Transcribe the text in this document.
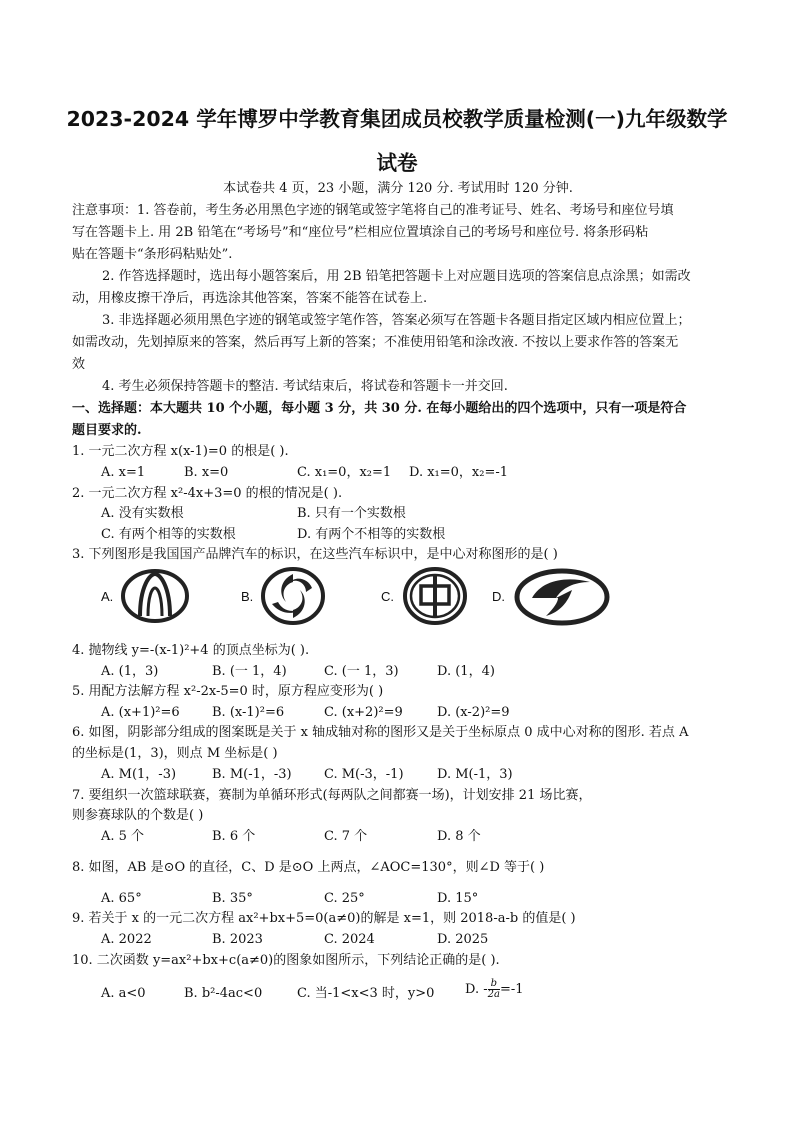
2023-2024 学年博罗中学教育集团成员校教学质量检测(一)九年级数学
试卷
本试卷共 4 页，23 小题，满分 120 分. 考试用时 120 分钟.
注意事项：1. 答卷前，考生务必用黑色字迹的钢笔或签字笔将自己的准考证号、姓名、考场号和座位号填
写在答题卡上. 用 2B 铅笔在“考场号”和“座位号”栏相应位置填涂自己的考场号和座位号. 将条形码粘
贴在答题卡“条形码粘贴处”.
2. 作答选择题时，选出每小题答案后，用 2B 铅笔把答题卡上对应题目选项的答案信息点涂黑；如需改
动，用橡皮擦干净后，再选涂其他答案，答案不能答在试卷上.
3. 非选择题必须用黑色字迹的钢笔或签字笔作答，答案必须写在答题卡各题目指定区域内相应位置上；
如需改动，先划掉原来的答案，然后再写上新的答案；不准使用铅笔和涂改液. 不按以上要求作答的答案无
效
4. 考生必须保持答题卡的整洁. 考试结束后，将试卷和答题卡一并交回.
一、选择题：本大题共 10 个小题，每小题 3 分，共 30 分. 在每小题给出的四个选项中，只有一项是符合
题目要求的.
1. 一元二次方程 x(x-1)=0 的根是( ).
A. x=1	B. x=0	C. x₁=0，x₂=1 D. x₁=0，x₂=-1
2. 一元二次方程 x²-4x+3=0 的根的情况是( ).
A. 没有实数根	B. 只有一个实数根
C. 有两个相等的实数根	D. 有两个不相等的实数根
3. 下列图形是我国国产品牌汽车的标识，在这些汽车标识中，是中心对称图形的是( )
A.	B.	C.	D.
4. 抛物线 y=-(x-1)²+4 的顶点坐标为( ).
A. (1，3)	B. (一 1，4)	C. (一 1，3)	D. (1，4)
5. 用配方法解方程 x²-2x-5=0 时，原方程应变形为( )
A. (x+1)²=6 B. (x-1)²=6	C. (x+2)²=9	D. (x-2)²=9
6. 如图，阴影部分组成的图案既是关于 x 轴成轴对称的图形又是关于坐标原点 0 成中心对称的图形. 若点 A
的坐标是(1，3)，则点 M 坐标是( )
A. M(1，-3)	B. M(-1，-3) C. M(-3，-1)	D. M(-1，3)
7. 要组织一次篮球联赛，赛制为单循环形式(每两队之间都赛一场)，计划安排 21 场比赛，
则参赛球队的个数是( )
A. 5 个	B. 6 个	C. 7 个	D. 8 个
8. 如图，AB 是⊙O 的直径，C、D 是⊙O 上两点，∠AOC=130°，则∠D 等于( )
A. 65°	B. 35°	C. 25°	D. 15°
9. 若关于 x 的一元二次方程 ax²+bx+5=0(a≠0)的解是 x=1，则 2018-a-b 的值是( )
A. 2022	B. 2023	C. 2024	D. 2025
10. 二次函数 y=ax²+bx+c(a≠0)的图象如图所示，下列结论正确的是( ).
A. a<0	B. b²-4ac<0	C. 当-1<x<3 时，y>0 D. - $\frac{b}{2a} =-1$
